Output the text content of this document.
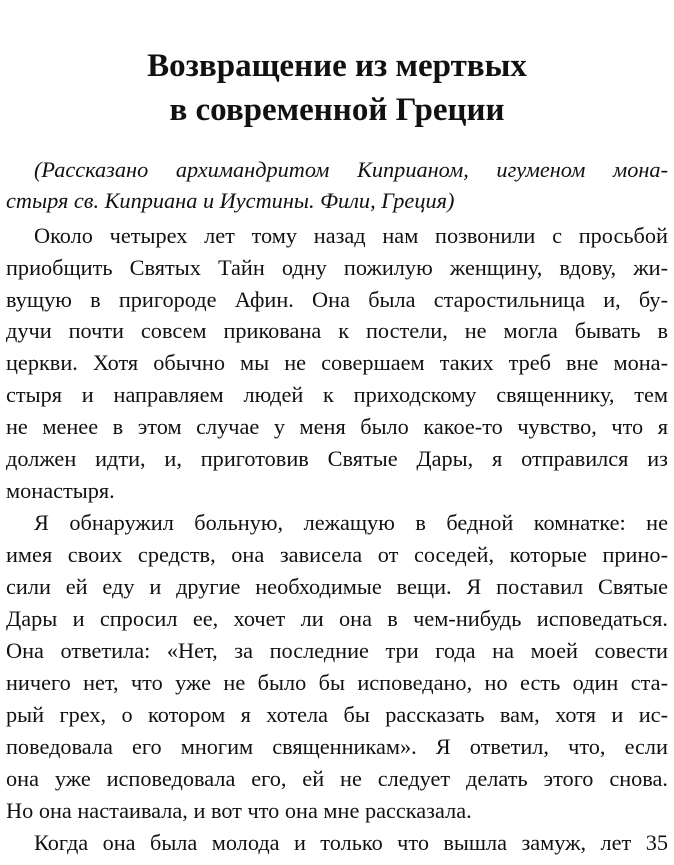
Возвращение из мертвых
в современной Греции
(Рассказано архимандритом Киприаном, игуменом мона-
стыря св. Киприана и Иустины. Фили, Греция)
Около четырех лет тому назад нам позвонили с просьбой
приобщить Святых Тайн одну пожилую женщину, вдову, жи-
вущую в пригороде Афин. Она была старостильница и, бу-
дучи почти совсем прикована к постели, не могла бывать в
церкви. Хотя обычно мы не совершаем таких треб вне мона-
стыря и направляем людей к приходскому священнику, тем
не менее в этом случае у меня было какое-то чувство, что я
должен идти, и, приготовив Святые Дары, я отправился из
монастыря.
Я обнаружил больную, лежащую в бедной комнатке: не
имея своих средств, она зависела от соседей, которые прино-
сили ей еду и другие необходимые вещи. Я поставил Святые
Дары и спросил ее, хочет ли она в чем-нибудь исповедаться.
Она ответила: «Нет, за последние три года на моей совести
ничего нет, что уже не было бы исповедано, но есть один ста-
рый грех, о котором я хотела бы рассказать вам, хотя и ис-
поведовала его многим священникам». Я ответил, что, если
она уже исповедовала его, ей не следует делать этого снова.
Но она настаивала, и вот что она мне рассказала.
Когда она была молода и только что вышла замуж, лет 35
